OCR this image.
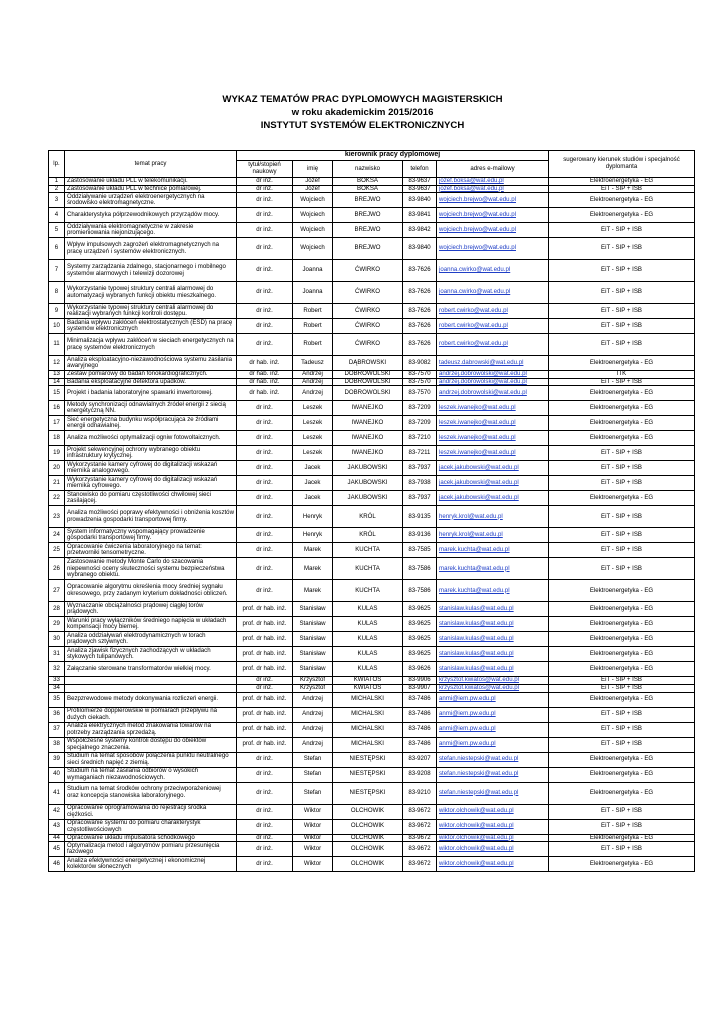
WYKAZ TEMATÓW PRAC DYPLOMOWYCH MAGISTERSKICH
w roku akademickim 2015/2016
INSTYTUT SYSTEMÓW ELEKTRONICZNYCH
lp.	temat pracy	kierownik pracy dyplomowej					sugerowany kierunek studiów i specjalność dyplomanta
		tytuł/stopień naukowy	imię	nazwisko	telefon	adres e-mailowy	
1	Zastosowanie układu PLL w telekomunikacji.	dr inż.	Józef	BOKSA	83-9637	jozef.boksa@wat.edu.pl	Elektroenergetyka - EG
2	Zastosowanie układu PLL w technice pomiarowej.	dr inż.	Józef	BOKSA	83-9637	jozef.boksa@wat.edu.pl	EiT - SIP + ISB
3	Oddziaływanie urządzeń elektroenergetycznych na środowisko elektromagnetyczne.	dr inż.	Wojciech	BREJWO	83-9840	wojciech.brejwo@wat.edu.pl	Elektroenergetyka - EG
4	Charakterystyka półprzewodnikowych przyrządów mocy.	dr inż.	Wojciech	BREJWO	83-9841	wojciech.brejwo@wat.edu.pl	Elektroenergetyka - EG
5	Oddziaływania elektromagnetyczne w zakresie promieniowania niejonizującego.	dr inż.	Wojciech	BREJWO	83-9842	wojciech.brejwo@wat.edu.pl	EiT - SIP + ISB
6	Wpływ impulsowych zagrożeń elektromagnetycznych na pracę urządzeń i systemów elektronicznych.	dr inż.	Wojciech	BREJWO	83-9840	wojciech.brejwo@wat.edu.pl	EiT - SIP + ISB
7	Systemy zarządzania zdalnego, stacjonarnego i mobilnego systemów alarmowych i telewizji dozorowej	dr inż.	Joanna	ĆWIRKO	83-7626	joanna.cwirko@wat.edu.pl	EiT - SIP + ISB
8	Wykorzystanie typowej struktury centrali alarmowej do automatyzacji wybranych funkcji obiektu mieszkalnego.	dr inż.	Joanna	ĆWIRKO	83-7626	joanna.cwirko@wat.edu.pl	EiT - SIP + ISB
9	Wykorzystanie typowej struktury centrali alarmowej do realizacji wybranych funkcji kontroli dostępu.	dr inż.	Robert	ĆWIRKO	83-7626	robert.cwirko@wat.edu.pl	EiT - SIP + ISB
10	Badania wpływu zakłóceń elektrostatycznych (ESD) na pracę systemów elektronicznych	dr inż.	Robert	ĆWIRKO	83-7626	robert.cwirko@wat.edu.pl	EiT - SIP + ISB
11	Minimalizacja wpływu zakłóceń w sieciach energetycznych na pracę systemów elektronicznych	dr inż.	Robert	ĆWIRKO	83-7626	robert.cwirko@wat.edu.pl	EiT - SIP + ISB
12	Analiza eksploatacyjno-niezawodnościowa systemu zasilania awaryjnego	dr hab. inż.	Tadeusz	DĄBROWSKI	83-9082	tadeusz.dabrowski@wat.edu.pl	Elektroenergetyka - EG
13	Zestaw pomiarowy do badań fonokardiograficznych.	dr hab. inż.	Andrzej	DOBROWOLSKI	83-7570	andrzej.dobrowolski@wat.edu.pl	ITK
14	Badania eksploatacyjne detektora upadków.	dr hab. inż.	Andrzej	DOBROWOLSKI	83-7570	andrzej.dobrowolski@wat.edu.pl	EiT - SIP + ISB
15	Projekt i badania laboratoryjne spawarki inwertorowej.	dr hab. inż.	Andrzej	DOBROWOLSKI	83-7570	andrzej.dobrowolski@wat.edu.pl	Elektroenergetyka - EG
16	Metody synchronizacji odnawialnych źródeł energii z siecią energetyczną NN.	dr inż.	Leszek	IWANEJKO	83-7209	leszek.iwanejko@wat.edu.pl	Elektroenergetyka - EG
17	Sieć energetyczna budynku współpracująca ze źródłami energii odnawialnej.	dr inż.	Leszek	IWANEJKO	83-7209	leszek.iwanejko@wat.edu.pl	Elektroenergetyka - EG
18	Analiza możliwości optymalizacji ogniw fotowoltaicznych.	dr inż.	Leszek	IWANEJKO	83-7210	leszek.iwanejko@wat.edu.pl	Elektroenergetyka - EG
19	Projekt sekwencyjnej ochrony wybranego obiektu infrastruktury krytycznej.	dr inż.	Leszek	IWANEJKO	83-7211	leszek.iwanejko@wat.edu.pl	EiT - SIP + ISB
20	Wykorzystanie kamery cyfrowej do digitalizacji wskazań miernika analogowego.	dr inż.	Jacek	JAKUBOWSKI	83-7937	jacek.jakubowski@wat.edu.pl	EiT - SIP + ISB
21	Wykorzystanie kamery cyfrowej do digitalizacji wskazań miernika cyfrowego.	dr inż.	Jacek	JAKUBOWSKI	83-7938	jacek.jakubowski@wat.edu.pl	EiT - SIP + ISB
22	Stanowisko do pomiaru częstotliwości chwilowej sieci zasilającej.	dr inż.	Jacek	JAKUBOWSKI	83-7937	jacek.jakubowski@wat.edu.pl	Elektroenergetyka - EG
23	Analiza możliwości poprawy efektywności i obniżenia kosztów prowadzenia gospodarki transportowej firmy.	dr inż.	Henryk	KRÓL	83-9135	henryk.krol@wat.edu.pl	EiT - SIP + ISB
24	System informatyczny wspomagający prowadzenie gospodarki transportowej firmy.	dr inż.	Henryk	KRÓL	83-9136	henryk.krol@wat.edu.pl	EiT - SIP + ISB
25	Opracowanie ćwiczenia laboratoryjnego na temat: przetworniki tensometryczne.	dr inż.	Marek	KUCHTA	83-7585	marek.kuchta@wat.edu.pl	EiT - SIP + ISB
26	Zastosowanie metody Monte Carlo do szacowania niepewności oceny skuteczności systemu bezpieczeństwa wybranego obiektu.	dr inż.	Marek	KUCHTA	83-7586	marek.kuchta@wat.edu.pl	EiT - SIP + ISB
27	Opracowanie algorytmu określenia mocy średniej sygnału okresowego, przy zadanym kryterium dokładności obliczeń.	dr inż.	Marek	KUCHTA	83-7586	marek.kuchta@wat.edu.pl	Elektroenergetyka - EG
28	Wyznaczanie obciążalności prądowej ciągłej torów prądowych.	prof. dr hab. inż.	Stanisław	KULAS	83-9625	stanislaw.kulas@wat.edu.pl	Elektroenergetyka - EG
29	Warunki pracy wyłączników średniego napięcia w układach kompensacji mocy biernej.	prof. dr hab. inż.	Stanisław	KULAS	83-9625	stanislaw.kulas@wat.edu.pl	Elektroenergetyka - EG
30	Analiza oddziaływań elektrodynamicznych w torach prądowych sztywnych.	prof. dr hab. inż.	Stanisław	KULAS	83-9625	stanislaw.kulas@wat.edu.pl	Elektroenergetyka - EG
31	Analiza zjawisk fizycznych zachodzących w układach stykowych tulipanowych.	prof. dr hab. inż.	Stanisław	KULAS	83-9625	stanislaw.kulas@wat.edu.pl	Elektroenergetyka - EG
32	Załączanie sterowane transformatorów wielkiej mocy.	prof. dr hab. inż.	Stanisław	KULAS	83-9626	stanislaw.kulas@wat.edu.pl	Elektroenergetyka - EG
33		dr inż.	Krzysztof	KWIATOS	83-9906	krzysztof.kwiatos@wat.edu.pl	EiT - SIP + ISB
34		dr inż.	Krzysztof	KWIATOS	83-9907	krzysztof.kwiatos@wat.edu.pl	EiT - SIP + ISB
35	Bezpzrewodowe metody dokonywania rozliczeń energii.	prof. dr hab. inż.	Andrzej	MICHALSKI	83-7486	anmi@iem.pw.edu.pl	Elektroenergetyka - EG
36	Profilomierze dopplerowskie w pomiarach przepływu na dużych ciekach.	prof. dr hab. inż.	Andrzej	MICHALSKI	83-7486	anmi@iem.pw.edu.pl	EiT - SIP + ISB
37	Analiza elektrycznych metod znakowania towarów na potrzeby zarządzania sprzedażą.	prof. dr hab. inż.	Andrzej	MICHALSKI	83-7486	anmi@iem.pw.edu.pl	EiT - SIP + ISB
38	Współczesne systemy kontroli dostępu do obiektów specjalnego znaczenia.	prof. dr hab. inż.	Andrzej	MICHALSKI	83-7486	anmi@iem.pw.edu.pl	EiT - SIP + ISB
39	Studium na temat sposobów połączenia punktu neutralnego sieci średnich napięć z ziemią.	dr inż.	Stefan	NIESTĘPSKI	83-9207	stefan.niestepski@wat.edu.pl	Elektroenergetyka - EG
40	Studium na temat zasilania odbiorów o wysokich wymaganiach niezawodnościowych.	dr inż.	Stefan	NIESTĘPSKI	83-9208	stefan.niestepski@wat.edu.pl	Elektroenergetyka - EG
41	Studium na temat środków ochrony przeciwporażeniowej oraz koncepcja stanowiska laboratoryjnego.	dr inż.	Stefan	NIESTĘPSKI	83-9210	stefan.niestepski@wat.edu.pl	Elektroenergetyka - EG
42	Opracowanie oprogramowania do rejestracji środka ciężkości.	dr inż.	Wiktor	OLCHOWIK	83-9672	wiktor.olchowik@wat.edu.pl	EiT - SIP + ISB
43	Opracowanie systemu do pomiaru charakterystyk częstotliwościowych	dr inż.	Wiktor	OLCHOWIK	83-9672	wiktor.olchowik@wat.edu.pl	EiT - SIP + ISB
44	Opracowanie układu impulsatora schodkowego	dr inż.	Wiktor	OLCHOWIK	83-9672	wiktor.olchowik@wat.edu.pl	Elektroenergetyka - EG
45	Optymalizacja metod i algorytmów pomiaru przesunięcia fazowego	dr inż.	Wiktor	OLCHOWIK	83-9672	wiktor.olchowik@wat.edu.pl	EiT - SIP + ISB
46	Analiza efektywności energetycznej i ekonomicznej kolektorów słonecznych	dr inż.	Wiktor	OLCHOWIK	83-9672	wiktor.olchowik@wat.edu.pl	Elektroenergetyka - EG
